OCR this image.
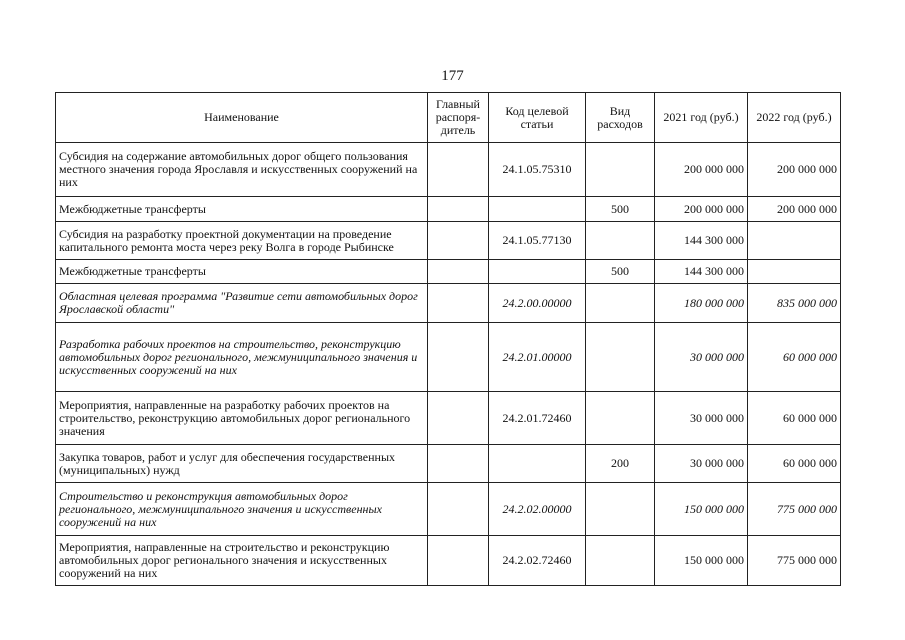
177
Наименование	Главный распоря-дитель	Код целевой статьи	Вид расходов	2021 год (руб.)	2022 год (руб.)
Субсидия на содержание автомобильных дорог общего пользования местного значения города Ярославля и искусственных сооружений на них		24.1.05.75310		200 000 000	200 000 000
Межбюджетные трансферты			500	200 000 000	200 000 000
Субсидия на разработку проектной документации на проведение капитального ремонта моста через реку Волга в городе Рыбинске		24.1.05.77130		144 300 000	
Межбюджетные трансферты			500	144 300 000	
Областная целевая программа "Развитие сети автомобильных дорог Ярославской области"		24.2.00.00000		180 000 000	835 000 000
Разработка рабочих проектов на строительство, реконструкцию автомобильных дорог регионального, межмуниципального значения и искусственных сооружений на них		24.2.01.00000		30 000 000	60 000 000
Мероприятия, направленные на разработку рабочих проектов на строительство, реконструкцию автомобильных дорог регионального значения		24.2.01.72460		30 000 000	60 000 000
Закупка товаров, работ и услуг для обеспечения государственных (муниципальных) нужд			200	30 000 000	60 000 000
Строительство и реконструкция автомобильных дорог регионального, межмуниципального значения и искусственных сооружений на них		24.2.02.00000		150 000 000	775 000 000
Мероприятия, направленные на строительство и реконструкцию автомобильных дорог регионального значения и искусственных сооружений на них		24.2.02.72460		150 000 000	775 000 000
